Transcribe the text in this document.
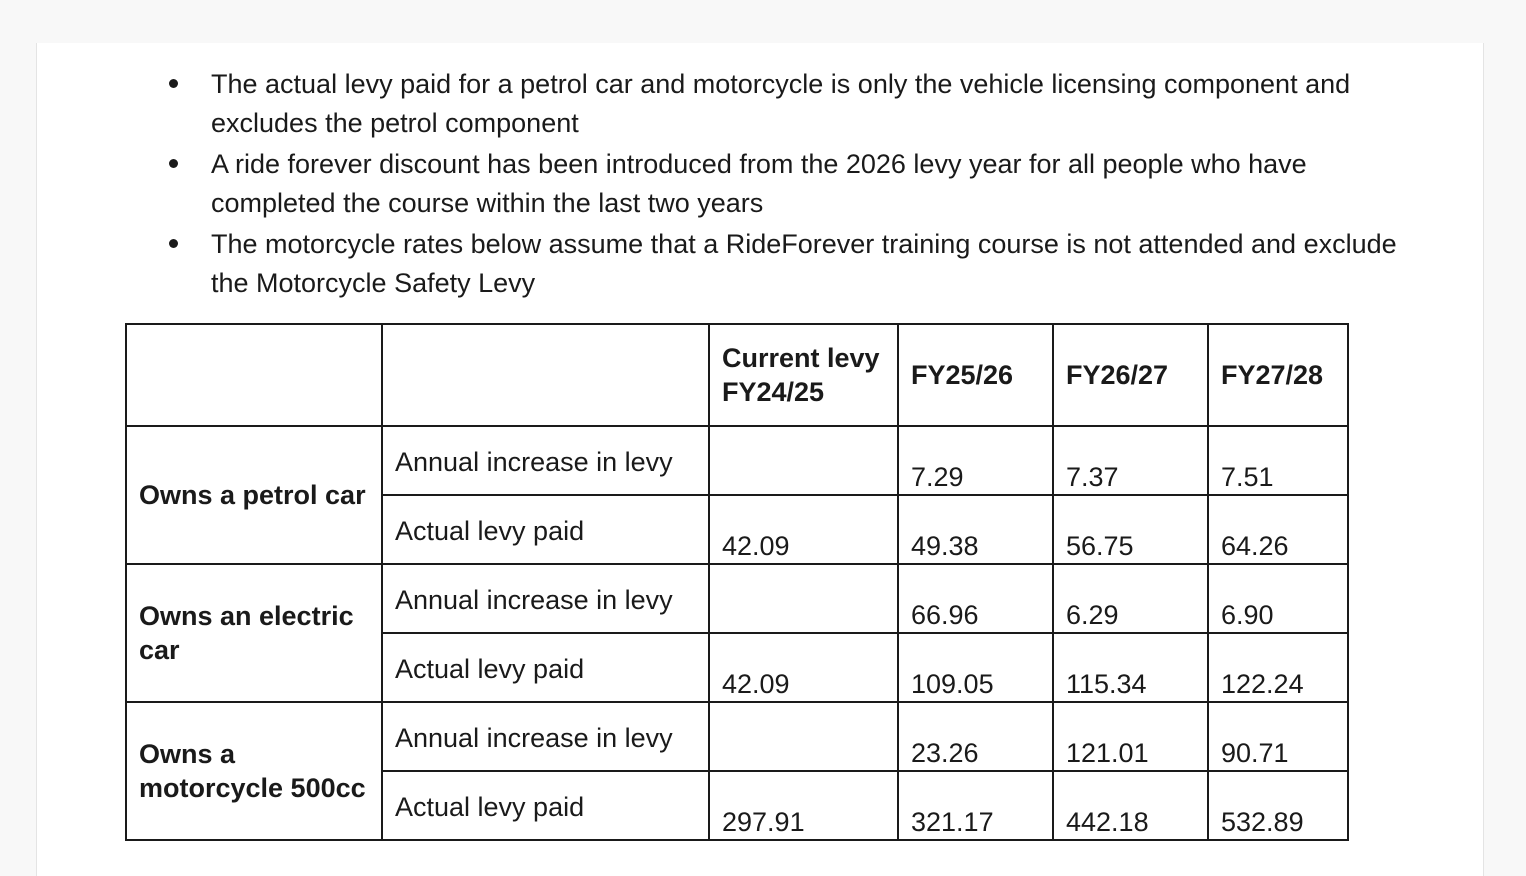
The actual levy paid for a petrol car and motorcycle is only the vehicle licensing component and excludes the petrol component
A ride forever discount has been introduced from the 2026 levy year for all people who have completed the course within the last two years
The motorcycle rates below assume that a RideForever training course is not attended and exclude the Motorcycle Safety Levy
		Current levy FY24/25	FY25/26	FY26/27	FY27/28
Owns a petrol car	Annual increase in levy		7.29	7.37	7.51
	Actual levy paid	42.09	49.38	56.75	64.26
Owns an electric car	Annual increase in levy		66.96	6.29	6.90
	Actual levy paid	42.09	109.05	115.34	122.24
Owns a motorcycle 500cc	Annual increase in levy		23.26	121.01	90.71
	Actual levy paid	297.91	321.17	442.18	532.89
